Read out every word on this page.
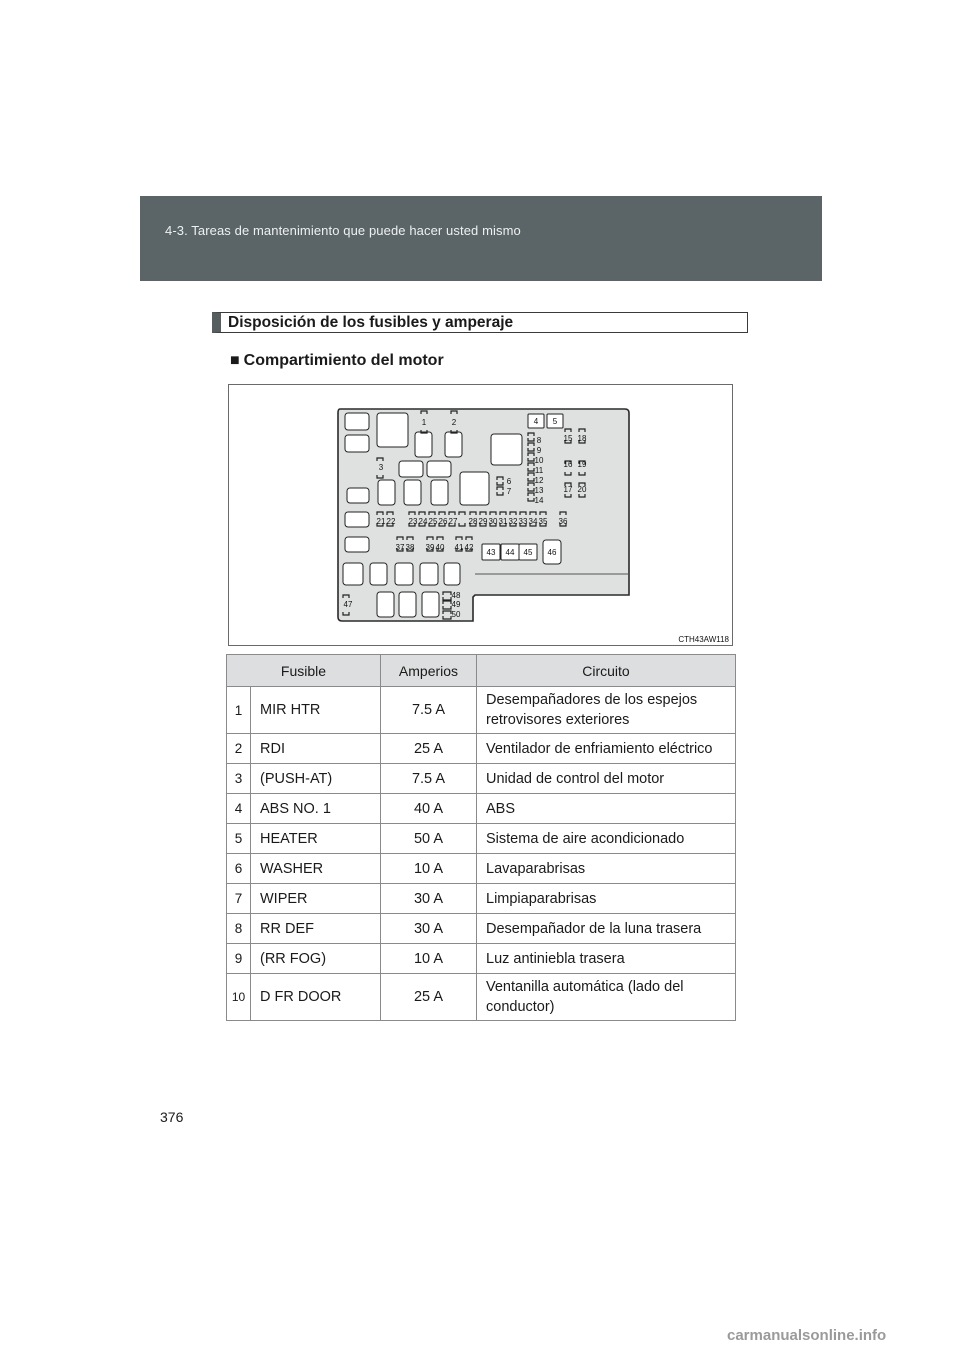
4-3. Tareas de mantenimiento que puede hacer usted mismo
Disposición de los fusibles y amperaje
■ Compartimiento del motor
1	2
3
4 5
6
7
8
9
10
11
12
13
14
15 18
16 19
17 20
21 22 23 24 25 26 27 28 29 30 31 32 33 34 35 36
37 38 39 40 41 42
43 44 45 46
47
48
49
50
CTH43AW118
Fusible		Amperios	Circuito
1	MIR HTR	7.5 A	Desempañadores de los espejos
retrovisores exteriores

2	RDI	25 A	Ventilador de enfriamiento eléctrico

3	(PUSH-AT)	7.5 A	Unidad de control del motor

4	ABS NO. 1	40 A	ABS

5	HEATER	50 A	Sistema de aire acondicionado

6	WASHER	10 A	Lavaparabrisas

7	WIPER	30 A	Limpiaparabrisas

8	RR DEF	30 A	Desempañador de la luna trasera

9	(RR FOG)	10 A	Luz antiniebla trasera

10	D FR DOOR	25 A	Ventanilla automática (lado del
conductor)
376
carmanualsonline.info
